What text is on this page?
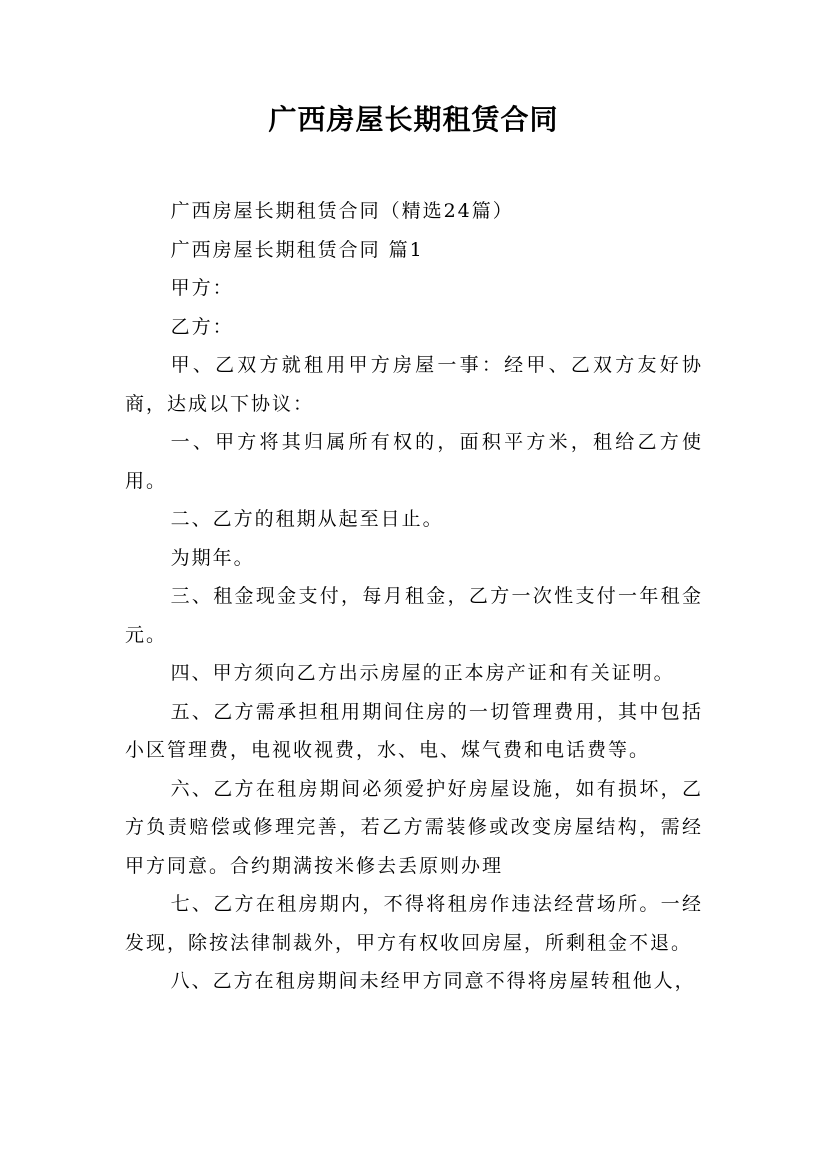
广西房屋长期租赁合同

广西房屋长期租赁合同（精选24篇）

广西房屋长期租赁合同 篇1

甲方：

乙方：

甲、乙双方就租用甲方房屋一事：经甲、乙双方友好协商，达成以下协议：

一、甲方将其归属所有权的，面积平方米，租给乙方使用。

二、乙方的租期从起至日止。

为期年。

三、租金现金支付，每月租金，乙方一次性支付一年租金元。

四、甲方须向乙方出示房屋的正本房产证和有关证明。

五、乙方需承担租用期间住房的一切管理费用，其中包括小区管理费，电视收视费，水、电、煤气费和电话费等。

六、乙方在租房期间必须爱护好房屋设施，如有损坏，乙方负责赔偿或修理完善，若乙方需装修或改变房屋结构，需经甲方同意。合约期满按米修去丢原则办理

七、乙方在租房期内，不得将租房作违法经营场所。一经发现，除按法律制裁外，甲方有权收回房屋，所剩租金不退。

八、乙方在租房期间未经甲方同意不得将房屋转租他人，
